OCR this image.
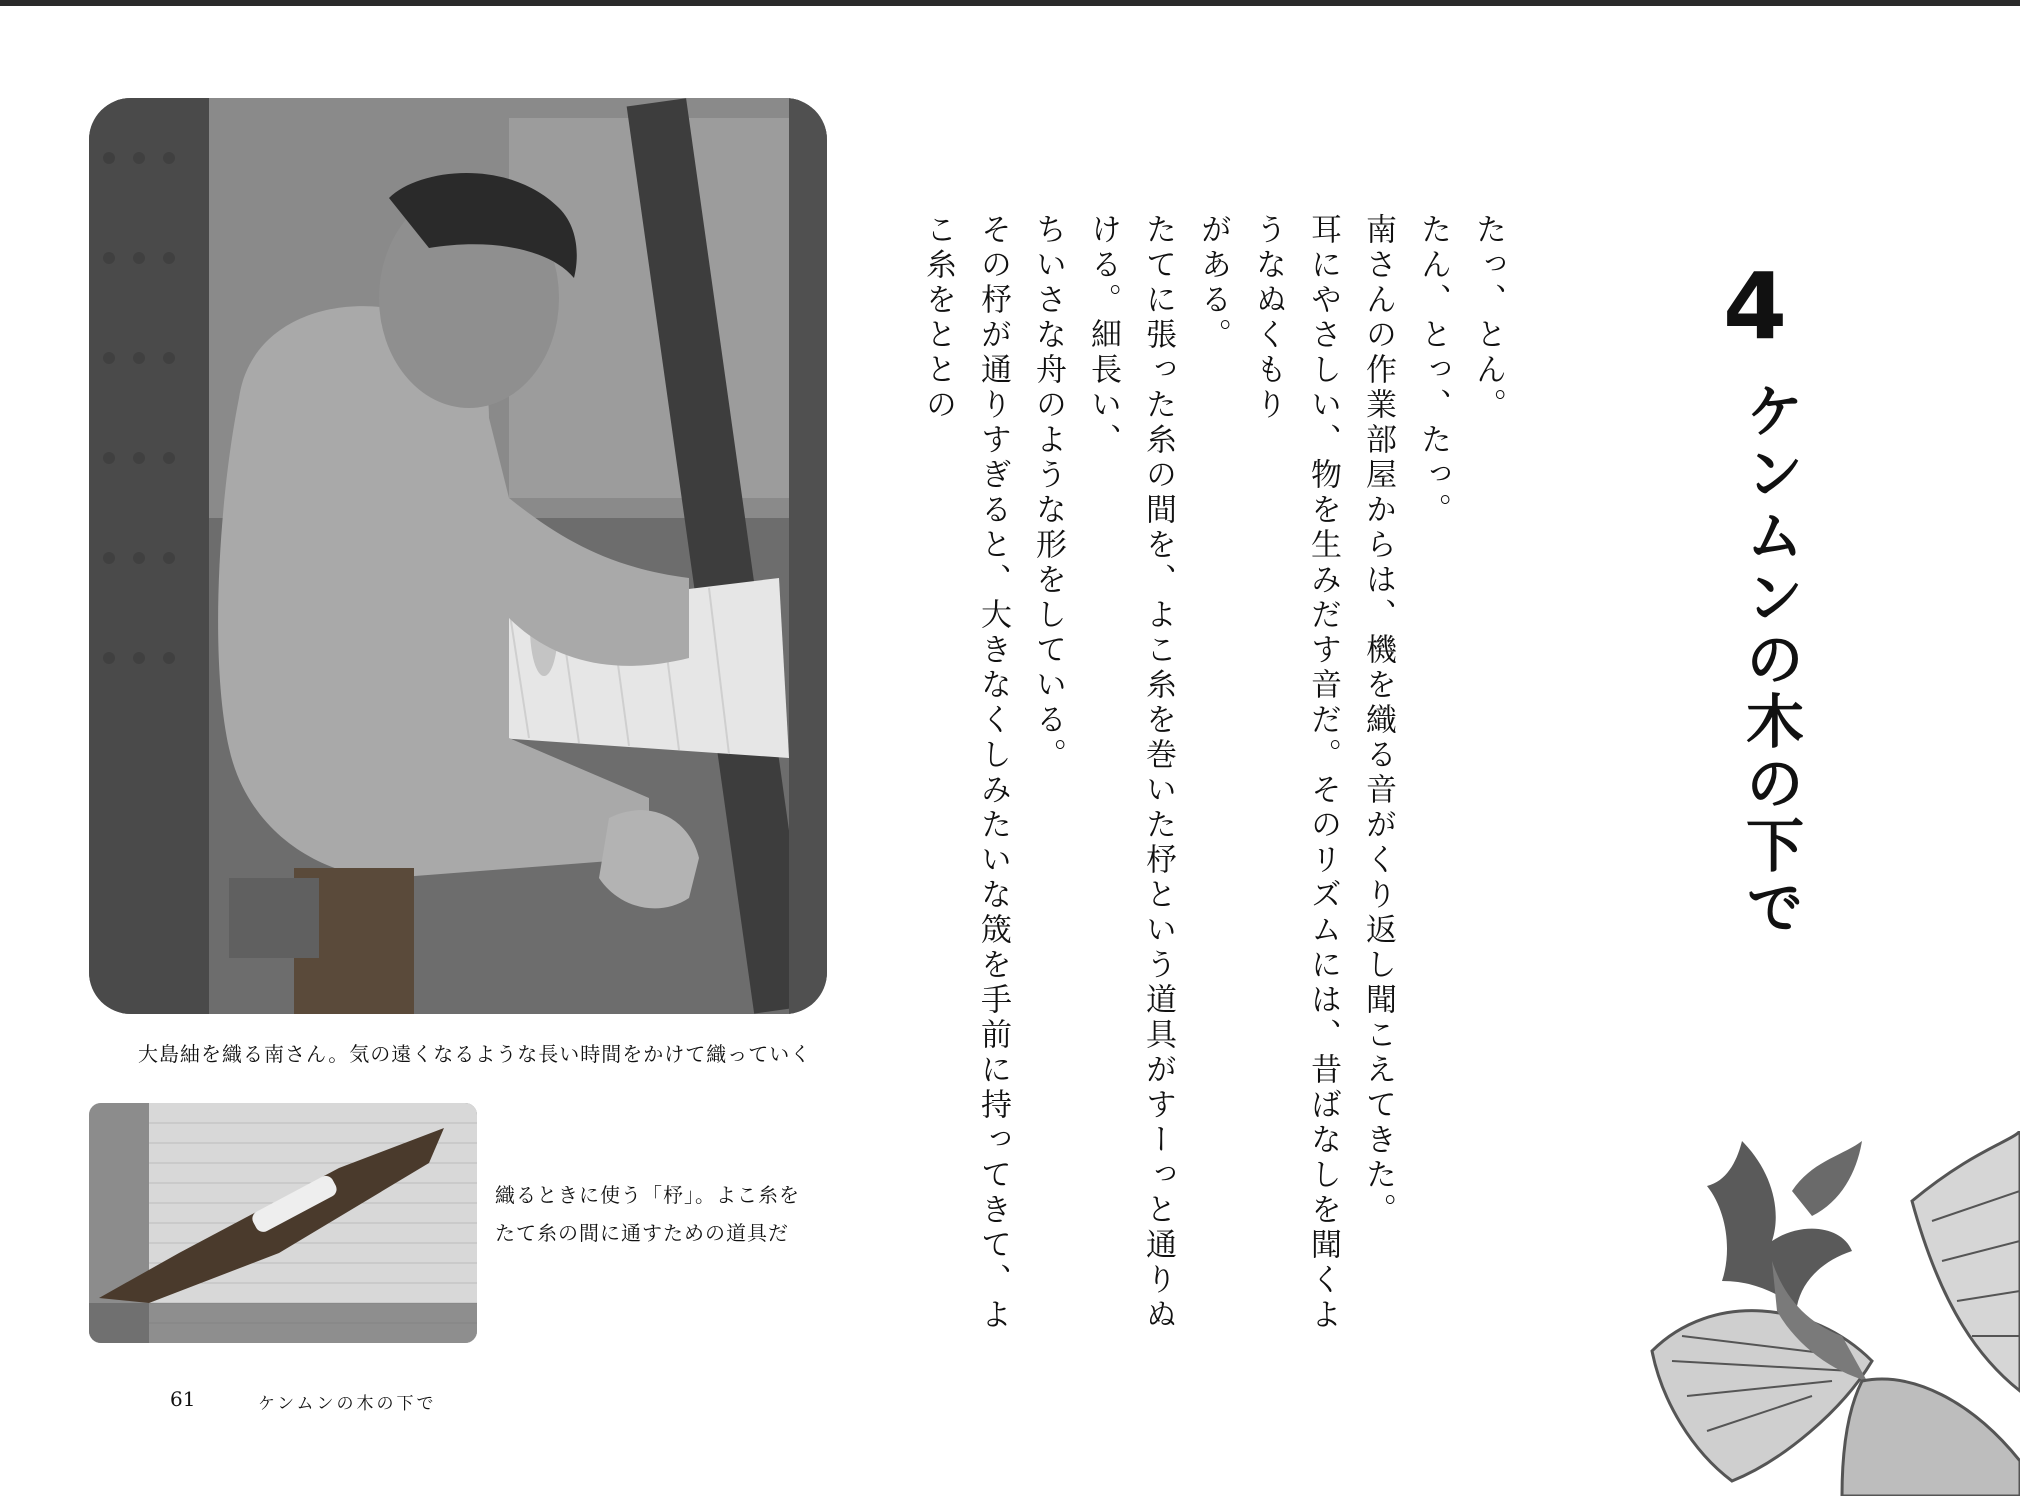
大島紬を織る南さん。気の遠くなるような長い時間をかけて織っていく
織るときに使う「杼」。よこ糸を
たて糸の間に通すための道具だ
61	ケンムンの木の下で
4
ケンムンの木の下で

たっ、とん。

たん、とっ、たっ。

南さんの作業部屋からは、機を織る音がくり返し聞こえてきた。

耳にやさしい、物を生みだす音だ。そのリズムには、昔ばなしを聞くようなぬくもり

がある。

たてに張った糸の間を、よこ糸を巻いた杼という道具がすーっと通りぬける。細長い、

ちいさな舟のような形をしている。

その杼が通りすぎると、大きなくしみたいな筬を手前に持ってきて、よこ糸をととの
